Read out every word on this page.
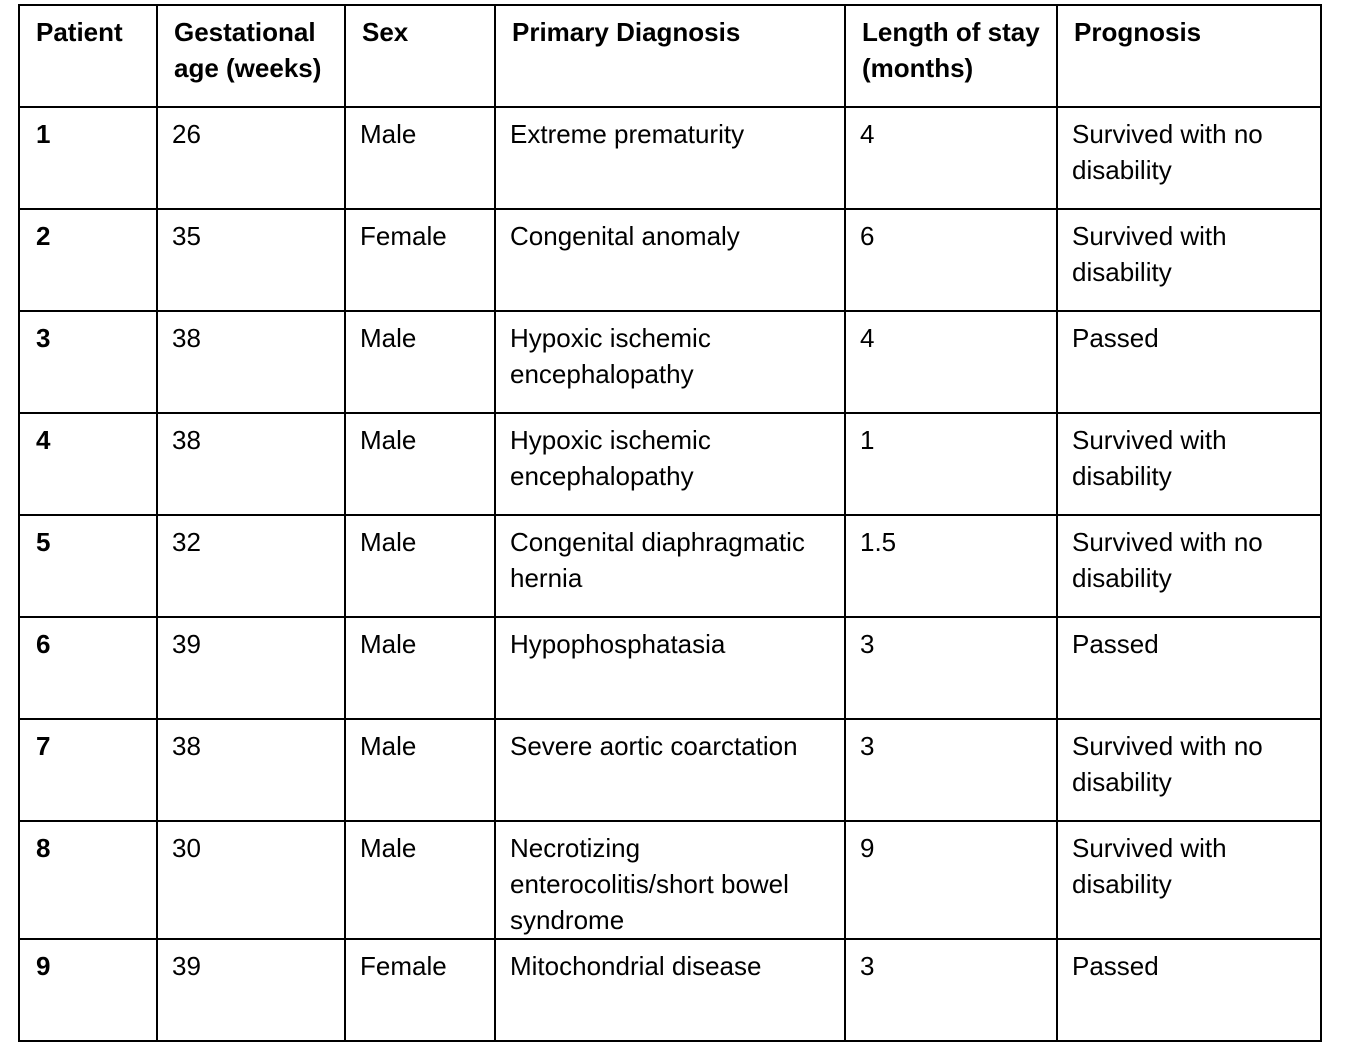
Patient	Gestational age (weeks)	Sex	Primary Diagnosis	Length of stay (months)	Prognosis
1	26	Male	Extreme prematurity	4	Survived with no disability
2	35	Female	Congenital anomaly	6	Survived with disability
3	38	Male	Hypoxic ischemic encephalopathy	4	Passed
4	38	Male	Hypoxic ischemic encephalopathy	1	Survived with disability
5	32	Male	Congenital diaphragmatic hernia	1.5	Survived with no disability
6	39	Male	Hypophosphatasia	3	Passed
7	38	Male	Severe aortic coarctation	3	Survived with no disability
8	30	Male	Necrotizing enterocolitis/short bowel syndrome	9	Survived with disability
9	39	Female	Mitochondrial disease	3	Passed
